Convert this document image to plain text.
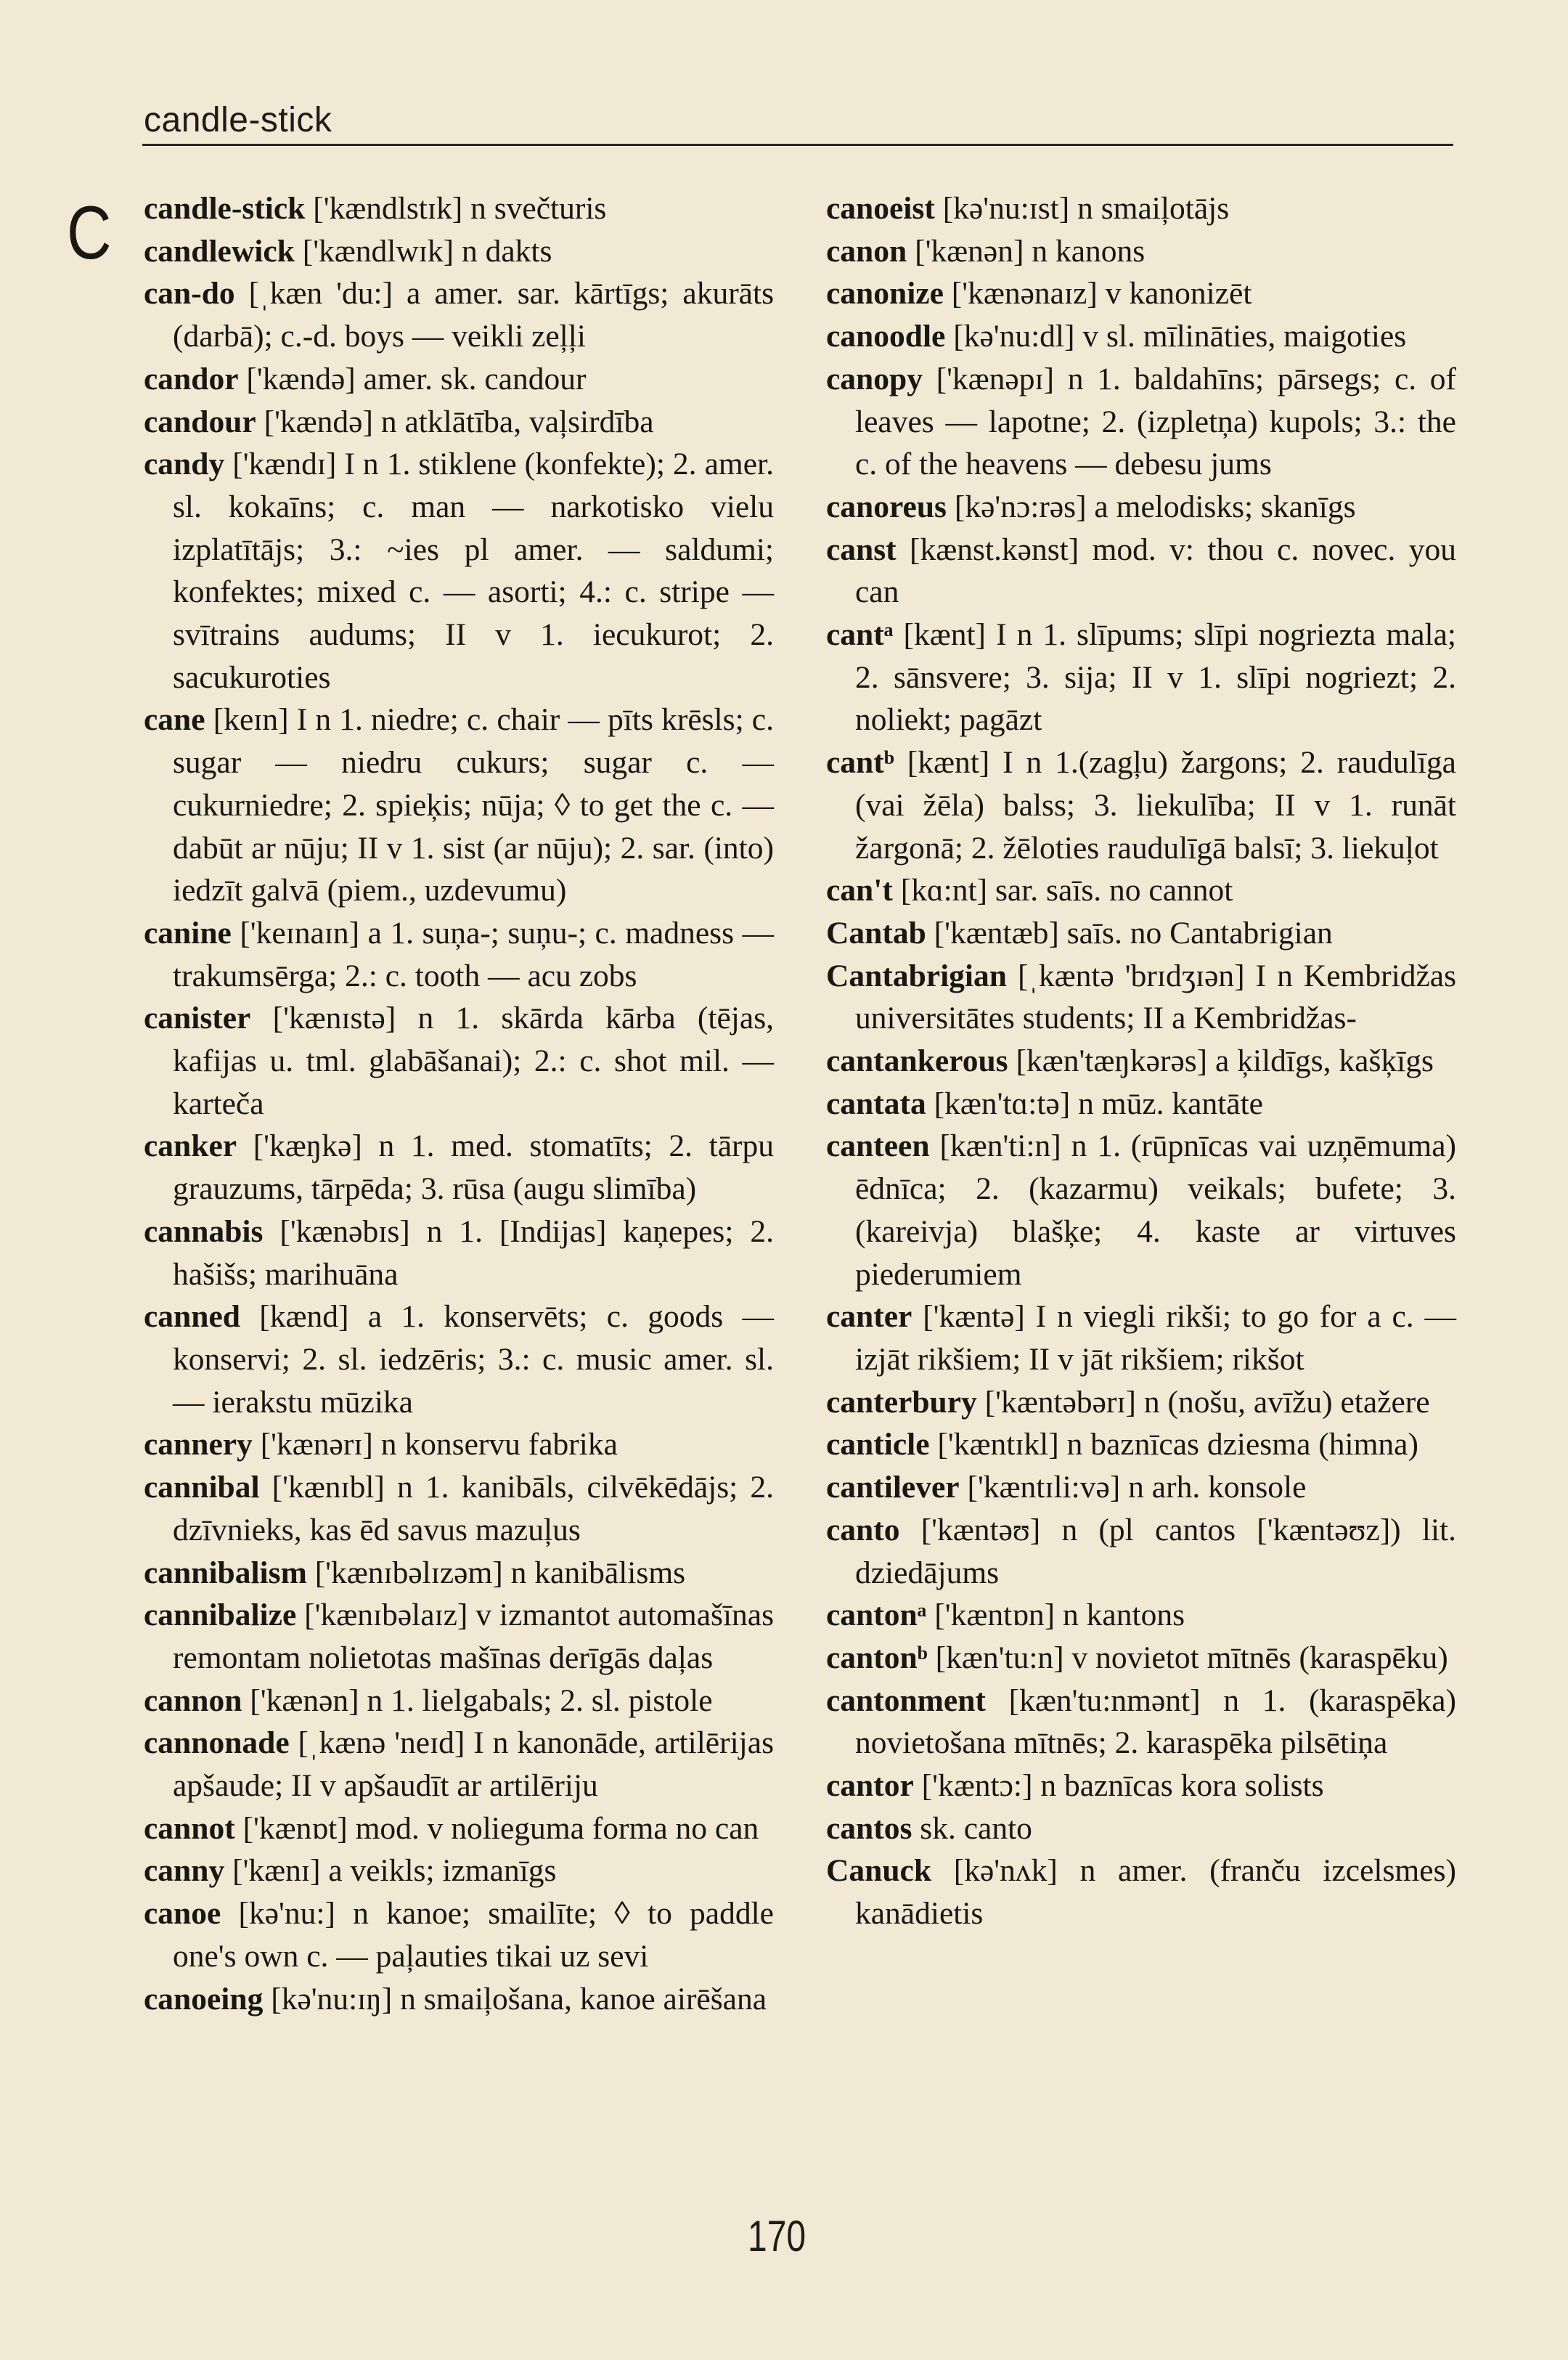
candle-stick
C candle-stick ['kændlstɪk] n svečturis

candlewick ['kændlwɪk] n dakts

can-do [ˌkæn 'du:] a amer. sar. kārtīgs; akurāts (darbā); c.-d. boys — veikli zeļļi

candor ['kændə] amer. sk. candour

candour ['kændə] n atklātība, vaļsirdība

candy ['kændɪ] I n 1. stiklene (konfekte); 2. amer. sl. kokaīns; c. man — narkotisko vielu izplatītājs; 3.: ~ies pl amer. — saldumi; konfektes; mixed c. — asorti; 4.: c. stripe — svītrains audums; II v 1. iecukurot; 2. sacukuroties

cane [keɪn] I n 1. niedre; c. chair — pīts krēsls; c. sugar — niedru cukurs; sugar c. — cukurniedre; 2. spieķis; nūja; ◊ to get the c. — dabūt ar nūju; II v 1. sist (ar nūju); 2. sar. (into) iedzīt galvā (piem., uzdevumu)

canine ['keɪnaɪn] a 1. suņa-; suņu-; c. madness — trakumsērga; 2.: c. tooth — acu zobs

canister ['kænɪstə] n 1. skārda kārba (tējas, kafijas u. tml. glabāšanai); 2.: c. shot mil. — karteča

canker ['kæŋkə] n 1. med. stomatīts; 2. tārpu grauzums, tārpēda; 3. rūsa (augu slimība)

cannabis ['kænəbɪs] n 1. [Indijas] kaņepes; 2. hašišs; marihuāna

canned [kænd] a 1. konservēts; c. goods — konservi; 2. sl. iedzēris; 3.: c. music amer. sl. — ierakstu mūzika

cannery ['kænərɪ] n konservu fabrika

cannibal ['kænɪbl] n 1. kanibāls, cilvēkēdājs; 2. dzīvnieks, kas ēd savus mazuļus

cannibalism ['kænɪbəlɪzəm] n kanibālisms

cannibalize ['kænɪbəlaɪz] v izmantot automašīnas remontam nolietotas mašīnas derīgās daļas

cannon ['kænən] n 1. lielgabals; 2. sl. pistole

cannonade [ˌkænə 'neɪd] I n kanonāde, artilērijas apšaude; II v apšaudīt ar artilēriju

cannot ['kænɒt] mod. v nolieguma forma no can

canny ['kænɪ] a veikls; izmanīgs

canoe [kə'nu:] n kanoe; smailīte; ◊ to paddle one's own c. — paļauties tikai uz sevi

canoeing [kə'nu:ɪŋ] n smaiļošana, kanoe airēšana

canoeist [kə'nu:ɪst] n smaiļotājs

canon ['kænən] n kanons

canonize ['kænənaɪz] v kanonizēt

canoodle [kə'nu:dl] v sl. mīlināties, maigoties

canopy ['kænəpɪ] n 1. baldahīns; pārsegs; c. of leaves — lapotne; 2. (izpletņa) kupols; 3.: the c. of the heavens — debesu jums

canoreus [kə'nɔ:rəs] a melodisks; skanīgs

canst [kænst.kənst] mod. v: thou c. novec. you can

cantᵃ [kænt] I n 1. slīpums; slīpi nogriezta mala; 2. sānsvere; 3. sija; II v 1. slīpi nogriezt; 2. noliekt; pagāzt

cantᵇ [kænt] I n 1.(zagļu) žargons; 2. raudulīga (vai žēla) balss; 3. liekulība; II v 1. runāt žargonā; 2. žēloties raudulīgā balsī; 3. liekuļot

can't [kɑ:nt] sar. saīs. no cannot

Cantab ['kæntæb] saīs. no Cantabrigian

Cantabrigian [ˌkæntə 'brɪdʒɪən] I n Kembridžas universitātes students; II a Kembridžas-

cantankerous [kæn'tæŋkərəs] a ķildīgs, kašķīgs

cantata [kæn'tɑ:tə] n mūz. kantāte

canteen [kæn'ti:n] n 1. (rūpnīcas vai uzņēmuma) ēdnīca; 2. (kazarmu) veikals; bufete; 3. (kareivja) blašķe; 4. kaste ar virtuves piederumiem

canter ['kæntə] I n viegli rikši; to go for a c. — izjāt rikšiem; II v jāt rikšiem; rikšot

canterbury ['kæntəbərɪ] n (nošu, avīžu) etažere

canticle ['kæntɪkl] n baznīcas dziesma (himna)

cantilever ['kæntɪli:və] n arh. konsole

canto ['kæntəʊ] n (pl cantos ['kæntəʊz]) lit. dziedājums

cantonᵃ ['kæntɒn] n kantons

cantonᵇ [kæn'tu:n] v novietot mītnēs (karaspēku)

cantonment [kæn'tu:nmənt] n 1. (karaspēka) novietošana mītnēs; 2. karaspēka pilsētiņa

cantor ['kæntɔ:] n baznīcas kora solists

cantos sk. canto

Canuck [kə'nʌk] n amer. (franču izcelsmes) kanādietis

170
